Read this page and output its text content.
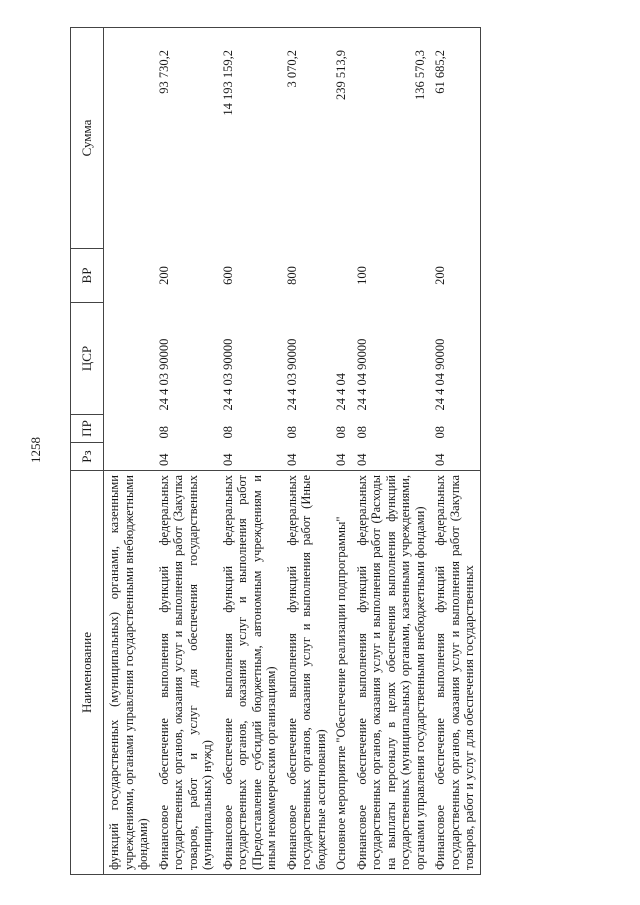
1258
Наименование	Рз	ПР	ЦСР	ВР	Сумма
функций государственных (муниципальных) органами, казенными учреждениями, органами управления государственными внебюджетными фондами)					
Финансовое обеспечение выполнения функций федеральных государственных органов, оказания услуг и выполнения работ (Закупка товаров, работ и услуг для обеспечения государственных (муниципальных) нужд)	04	08	24 4 03 90000	200	93 730,2
Финансовое обеспечение выполнения функций федеральных государственных органов, оказания услуг и выполнения работ (Предоставление субсидий бюджетным, автономным учреждениям и иным некоммерческим организациям)	04	08	24 4 03 90000	600	14 193 159,2
Финансовое обеспечение выполнения функций федеральных государственных органов, оказания услуг и выполнения работ (Иные бюджетные ассигнования)	04	08	24 4 03 90000	800	3 070,2
Основное мероприятие "Обеспечение реализации подпрограммы"	04	08	24 4 04		239 513,9
Финансовое обеспечение выполнения функций федеральных государственных органов, оказания услуг и выполнения работ (Расходы на выплаты персоналу в целях обеспечения выполнения функций государственных (муниципальных) органами, казенными учреждениями, органами управления государственными внебюджетными фондами)	04	08	24 4 04 90000	100	136 570,3
Финансовое обеспечение выполнения функций федеральных государственных органов, оказания услуг и выполнения работ (Закупка товаров, работ и услуг для обеспечения государственных	04	08	24 4 04 90000	200	61 685,2
